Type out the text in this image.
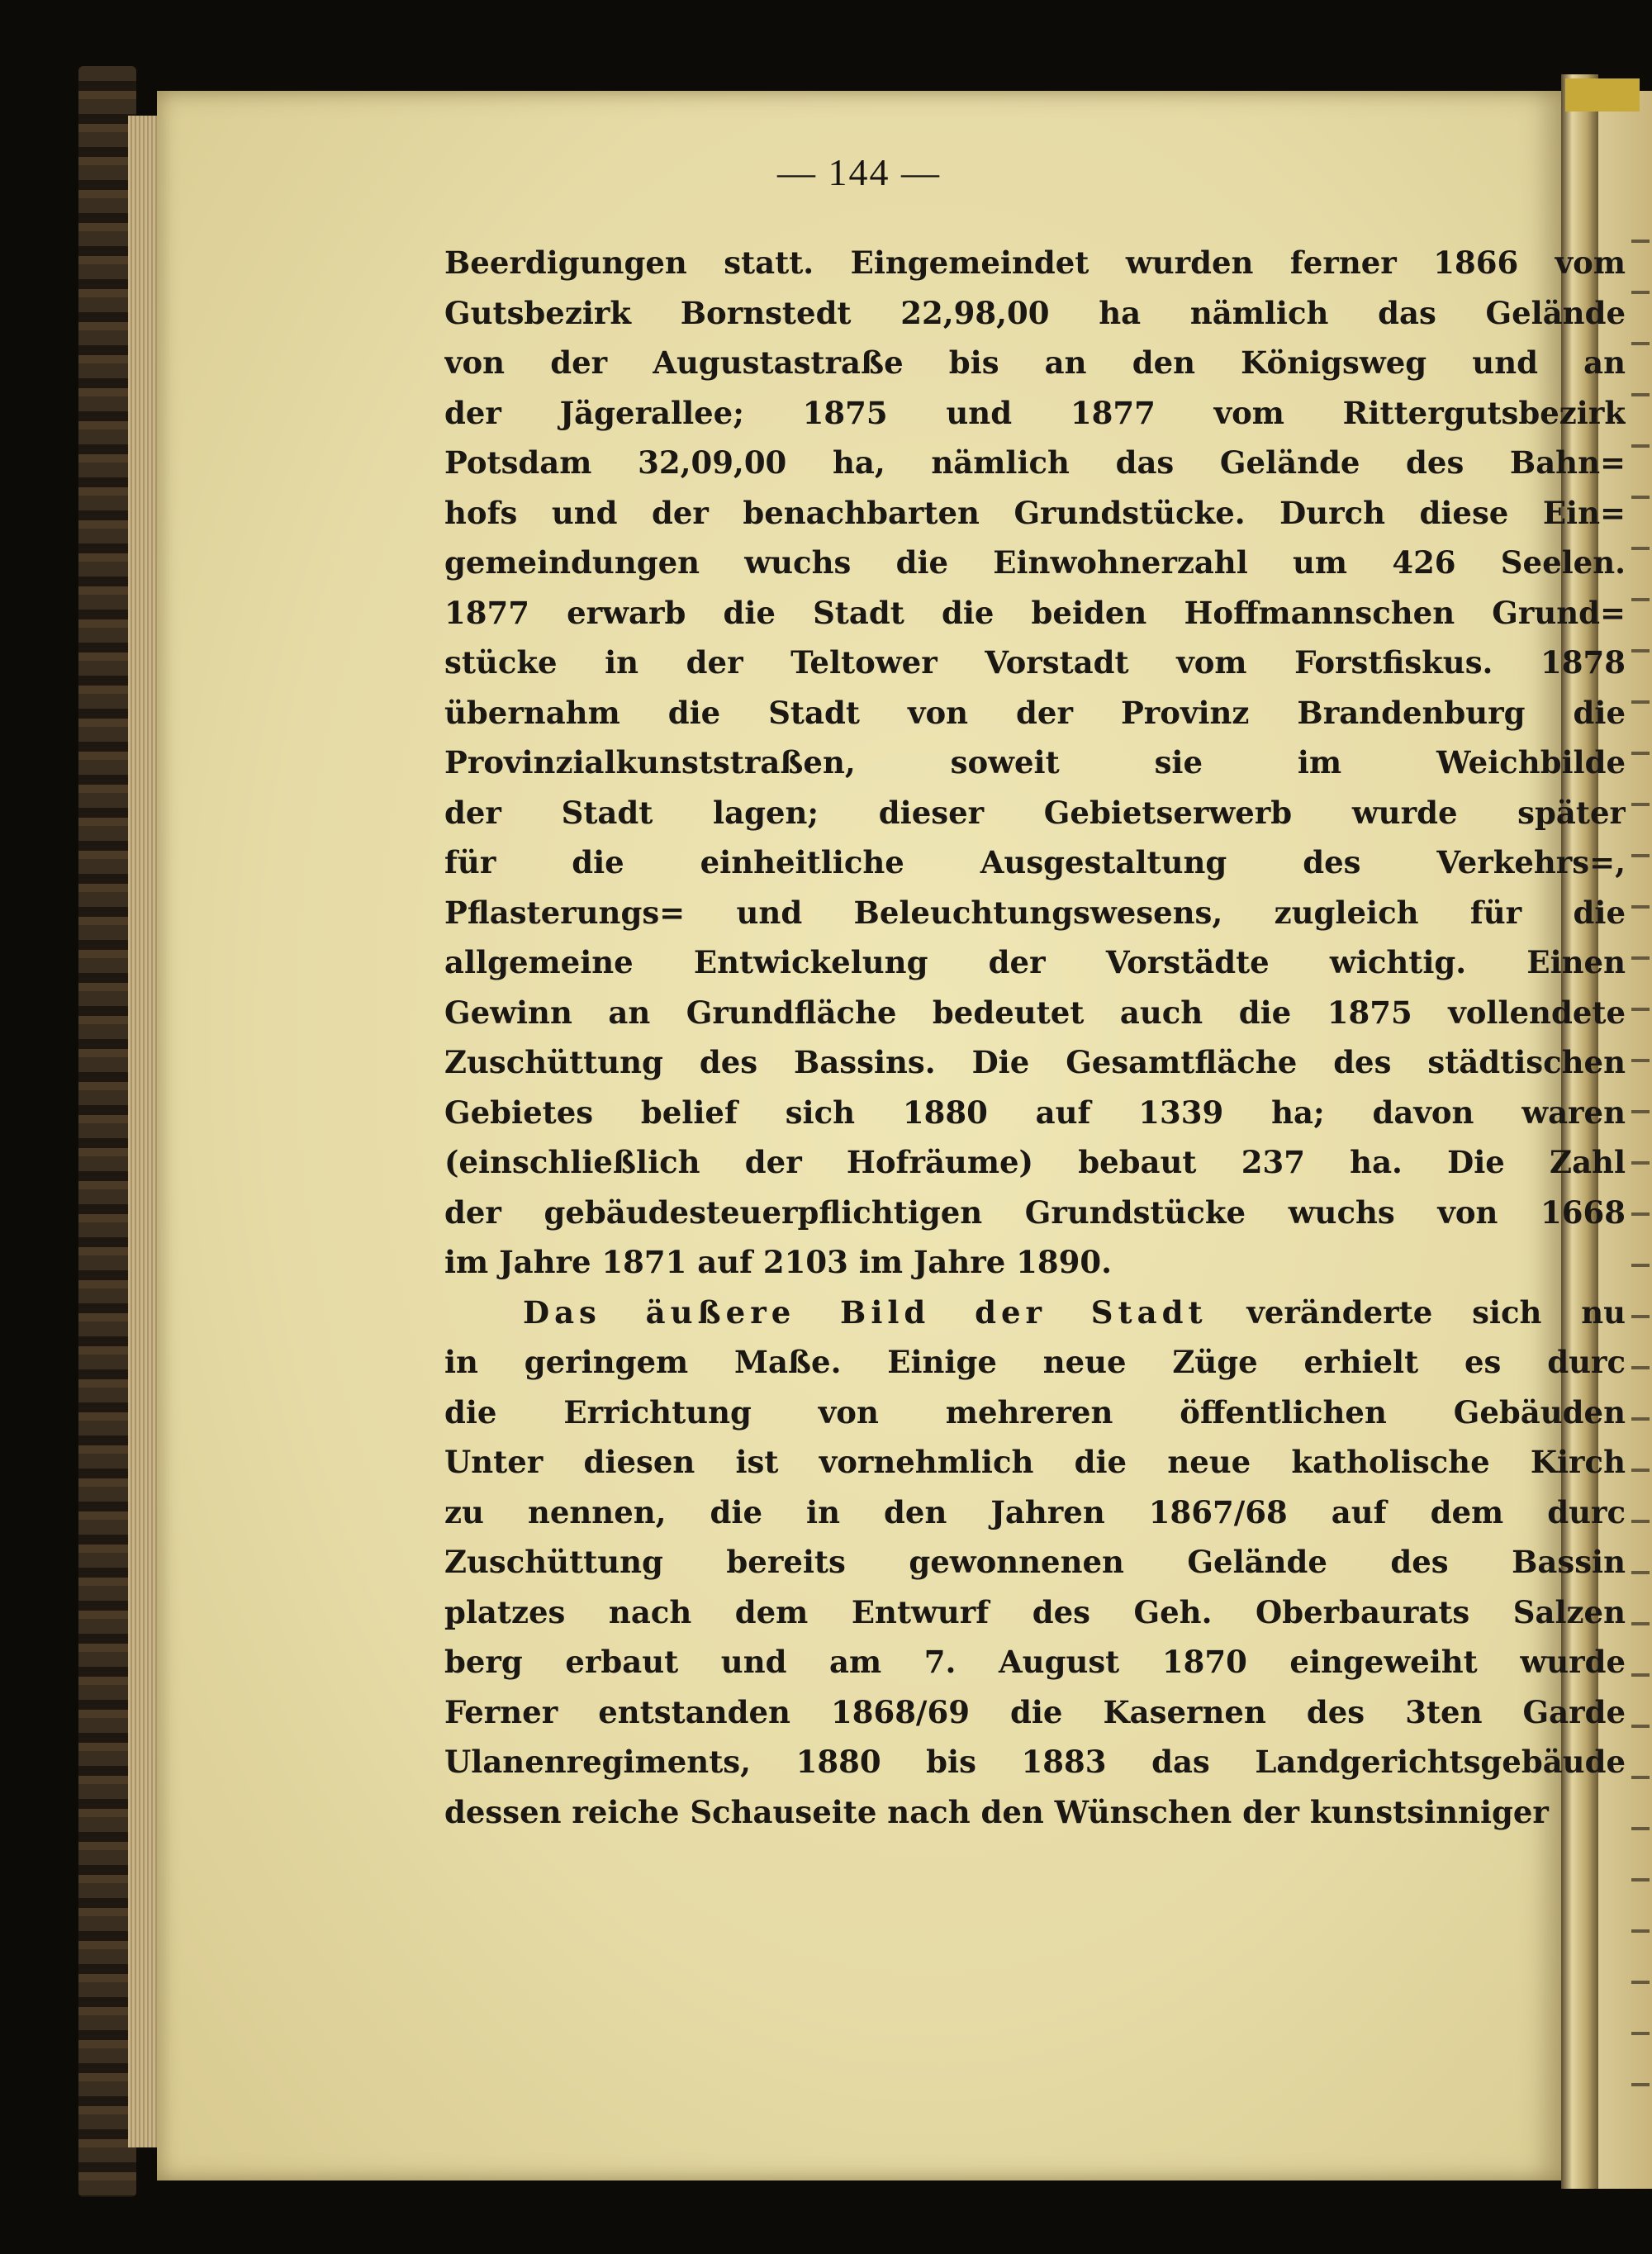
— 144 —
Beerdigungen statt. Eingemeindet wurden ferner 1866 vom
Gutsbezirk Bornstedt 22,98,00 ha nämlich das Gelände
von der Augustastraße bis an den Königsweg und an
der Jägerallee; 1875 und 1877 vom Rittergutsbezirk
Potsdam 32,09,00 ha, nämlich das Gelände des Bahn=
hofs und der benachbarten Grundstücke. Durch diese Ein=
gemeindungen wuchs die Einwohnerzahl um 426 Seelen.
1877 erwarb die Stadt die beiden Hoffmannschen Grund=
stücke in der Teltower Vorstadt vom Forstfiskus. 1878
übernahm die Stadt von der Provinz Brandenburg die
Provinzialkunststraßen, soweit sie im Weichbilde
der Stadt lagen; dieser Gebietserwerb wurde später
für die einheitliche Ausgestaltung des Verkehrs=,
Pflasterungs= und Beleuchtungswesens, zugleich für die
allgemeine Entwickelung der Vorstädte wichtig. Einen
Gewinn an Grundfläche bedeutet auch die 1875 vollendete
Zuschüttung des Bassins. Die Gesamtfläche des städtischen
Gebietes belief sich 1880 auf 1339 ha; davon waren
(einschließlich der Hofräume) bebaut 237 ha. Die Zahl
der gebäudesteuerpflichtigen Grundstücke wuchs von 1668
im Jahre 1871 auf 2103 im Jahre 1890.
Das äußere Bild der Stadt veränderte sich nu
in geringem Maße. Einige neue Züge erhielt es durc
die Errichtung von mehreren öffentlichen Gebäuden
Unter diesen ist vornehmlich die neue katholische Kirch
zu nennen, die in den Jahren 1867/68 auf dem durc
Zuschüttung bereits gewonnenen Gelände des Bassin
platzes nach dem Entwurf des Geh. Oberbaurats Salzen
berg erbaut und am 7. August 1870 eingeweiht wurde
Ferner entstanden 1868/69 die Kasernen des 3ten Garde
Ulanenregiments, 1880 bis 1883 das Landgerichtsgebäude
dessen reiche Schauseite nach den Wünschen der kunstsinniger
